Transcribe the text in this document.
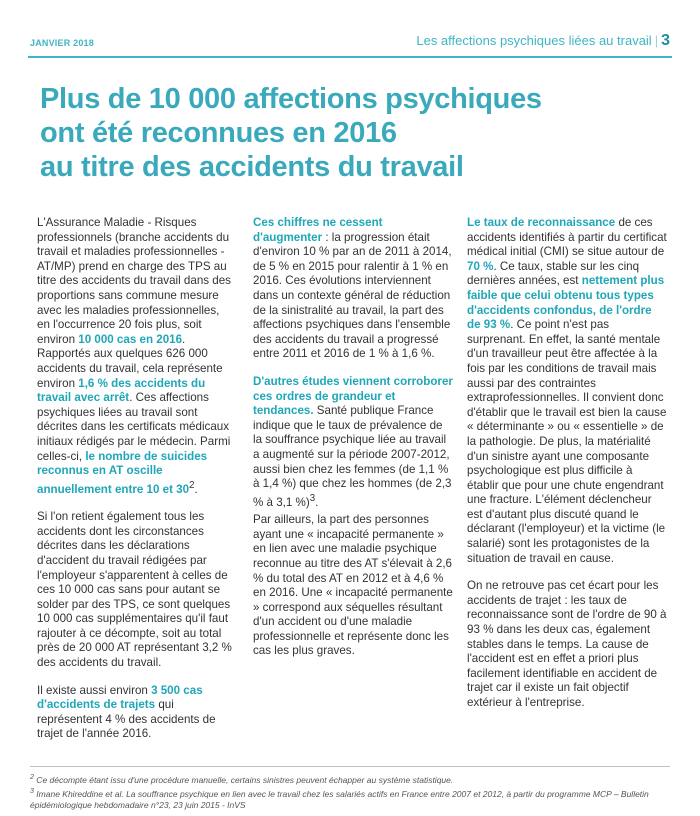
JANVIER 2018	Les affections psychiques liées au travail | 3
Plus de 10 000 affections psychiques
ont été reconnues en 2016
au titre des accidents du travail

L'Assurance Maladie - Risques professionnels (branche accidents du travail et maladies professionnelles - AT/MP) prend en charge des TPS au titre des accidents du travail dans des proportions sans commune mesure avec les maladies professionnelles, en l'occurrence 20 fois plus, soit environ 10 000 cas en 2016. Rapportés aux quelques 626 000 accidents du travail, cela représente environ 1,6 % des accidents du travail avec arrêt. Ces affections psychiques liées au travail sont décrites dans les certificats médicaux initiaux rédigés par le médecin. Parmi celles-ci, le nombre de suicides reconnus en AT oscille annuellement entre 10 et $30^2$.

Si l'on retient également tous les accidents dont les circonstances décrites dans les déclarations d'accident du travail rédigées par l'employeur s'apparentent à celles de ces 10 000 cas sans pour autant se solder par des TPS, ce sont quelques 10 000 cas supplémentaires qu'il faut rajouter à ce décompte, soit au total près de 20 000 AT représentant 3,2 % des accidents du travail.

Il existe aussi environ 3 500 cas d'accidents de trajets qui représentent 4 % des accidents de trajet de l'année 2016.

Ces chiffres ne cessent d'augmenter : la progression était d'environ 10 % par an de 2011 à 2014, de 5 % en 2015 pour ralentir à 1 % en 2016. Ces évolutions interviennent dans un contexte général de réduction de la sinistralité au travail, la part des affections psychiques dans l'ensemble des accidents du travail a progressé entre 2011 et 2016 de 1 % à 1,6 %.

D'autres études viennent corroborer ces ordres de grandeur et tendances. Santé publique France indique que le taux de prévalence de la souffrance psychique liée au travail a augmenté sur la période 2007-2012, aussi bien chez les femmes (de 1,1 % à 1,4 %) que chez les hommes (de 2,3 % à 3,1 %)$^3$.

Par ailleurs, la part des personnes ayant une « incapacité permanente » en lien avec une maladie psychique reconnue au titre des AT s'élevait à 2,6 % du total des AT en 2012 et à 4,6 % en 2016. Une « incapacité permanente » correspond aux séquelles résultant d'un accident ou d'une maladie professionnelle et représente donc les cas les plus graves.

Le taux de reconnaissance de ces accidents identifiés à partir du certificat médical initial (CMI) se situe autour de 70 %. Ce taux, stable sur les cinq dernières années, est nettement plus faible que celui obtenu tous types d'accidents confondus, de l'ordre de 93 %. Ce point n'est pas surprenant. En effet, la santé mentale d'un travailleur peut être affectée à la fois par les conditions de travail mais aussi par des contraintes extraprofessionnelles. Il convient donc d'établir que le travail est bien la cause « déterminante » ou « essentielle » de la pathologie. De plus, la matérialité d'un sinistre ayant une composante psychologique est plus difficile à établir que pour une chute engendrant une fracture. L'élément déclencheur est d'autant plus discuté quand le déclarant (l'employeur) et la victime (le salarié) sont les protagonistes de la situation de travail en cause.

On ne retrouve pas cet écart pour les accidents de trajet : les taux de reconnaissance sont de l'ordre de 90 à 93 % dans les deux cas, également stables dans le temps. La cause de l'accident est en effet a priori plus facilement identifiable en accident de trajet car il existe un fait objectif extérieur à l'entreprise.

$^2$ Ce décompte étant issu d'une procédure manuelle, certains sinistres peuvent échapper au système statistique.

$^3$ Imane Khireddine et al. La souffrance psychique en lien avec le travail chez les salariés actifs en France entre 2007 et 2012, à partir du programme MCP – Bulletin épidémiologique hebdomadaire n°23, 23 juin 2015 - InVS
